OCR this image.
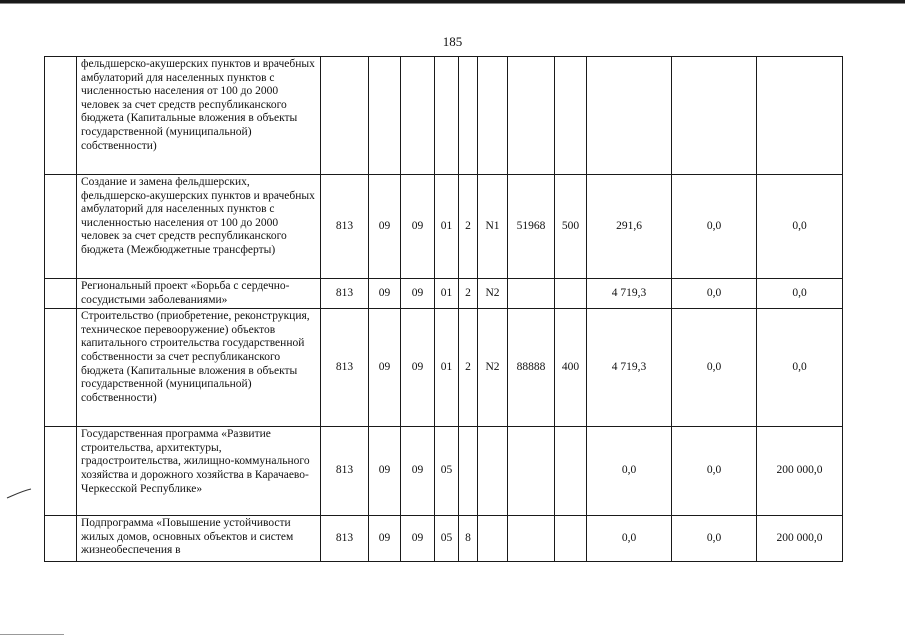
185
	фельдшерско-акушерских пунктов и врачебных амбулаторий для населенных пунктов с численностью населения от 100 до 2000 человек за счет средств республиканского бюджета (Капитальные вложения в объекты государственной (муниципальной) собственности)											
	Создание и замена фельдшерских, фельдшерско-акушерских пунктов и врачебных амбулаторий для населенных пунктов с численностью населения от 100 до 2000 человек за счет средств республиканского бюджета (Межбюджетные трансферты)	813	09	09	01	2	N1	51968	500	291,6	0,0	0,0
	Региональный проект «Борьба с сердечно-сосудистыми заболеваниями»	813	09	09	01	2	N2			4 719,3	0,0	0,0
	Строительство (приобретение, реконструкция, техническое перевооружение) объектов капитального строительства государственной собственности за счет республиканского бюджета (Капитальные вложения в объекты государственной (муниципальной) собственности)	813	09	09	01	2	N2	88888	400	4 719,3	0,0	0,0
	Государственная программа «Развитие строительства, архитектуры, градостроительства, жилищно-коммунального хозяйства и дорожного хозяйства в Карачаево-Черкесской Республике»	813	09	09	05					0,0	0,0	200 000,0
	Подпрограмма «Повышение устойчивости жилых домов, основных объектов и систем жизнеобеспечения в	813	09	09	05	8				0,0	0,0	200 000,0
